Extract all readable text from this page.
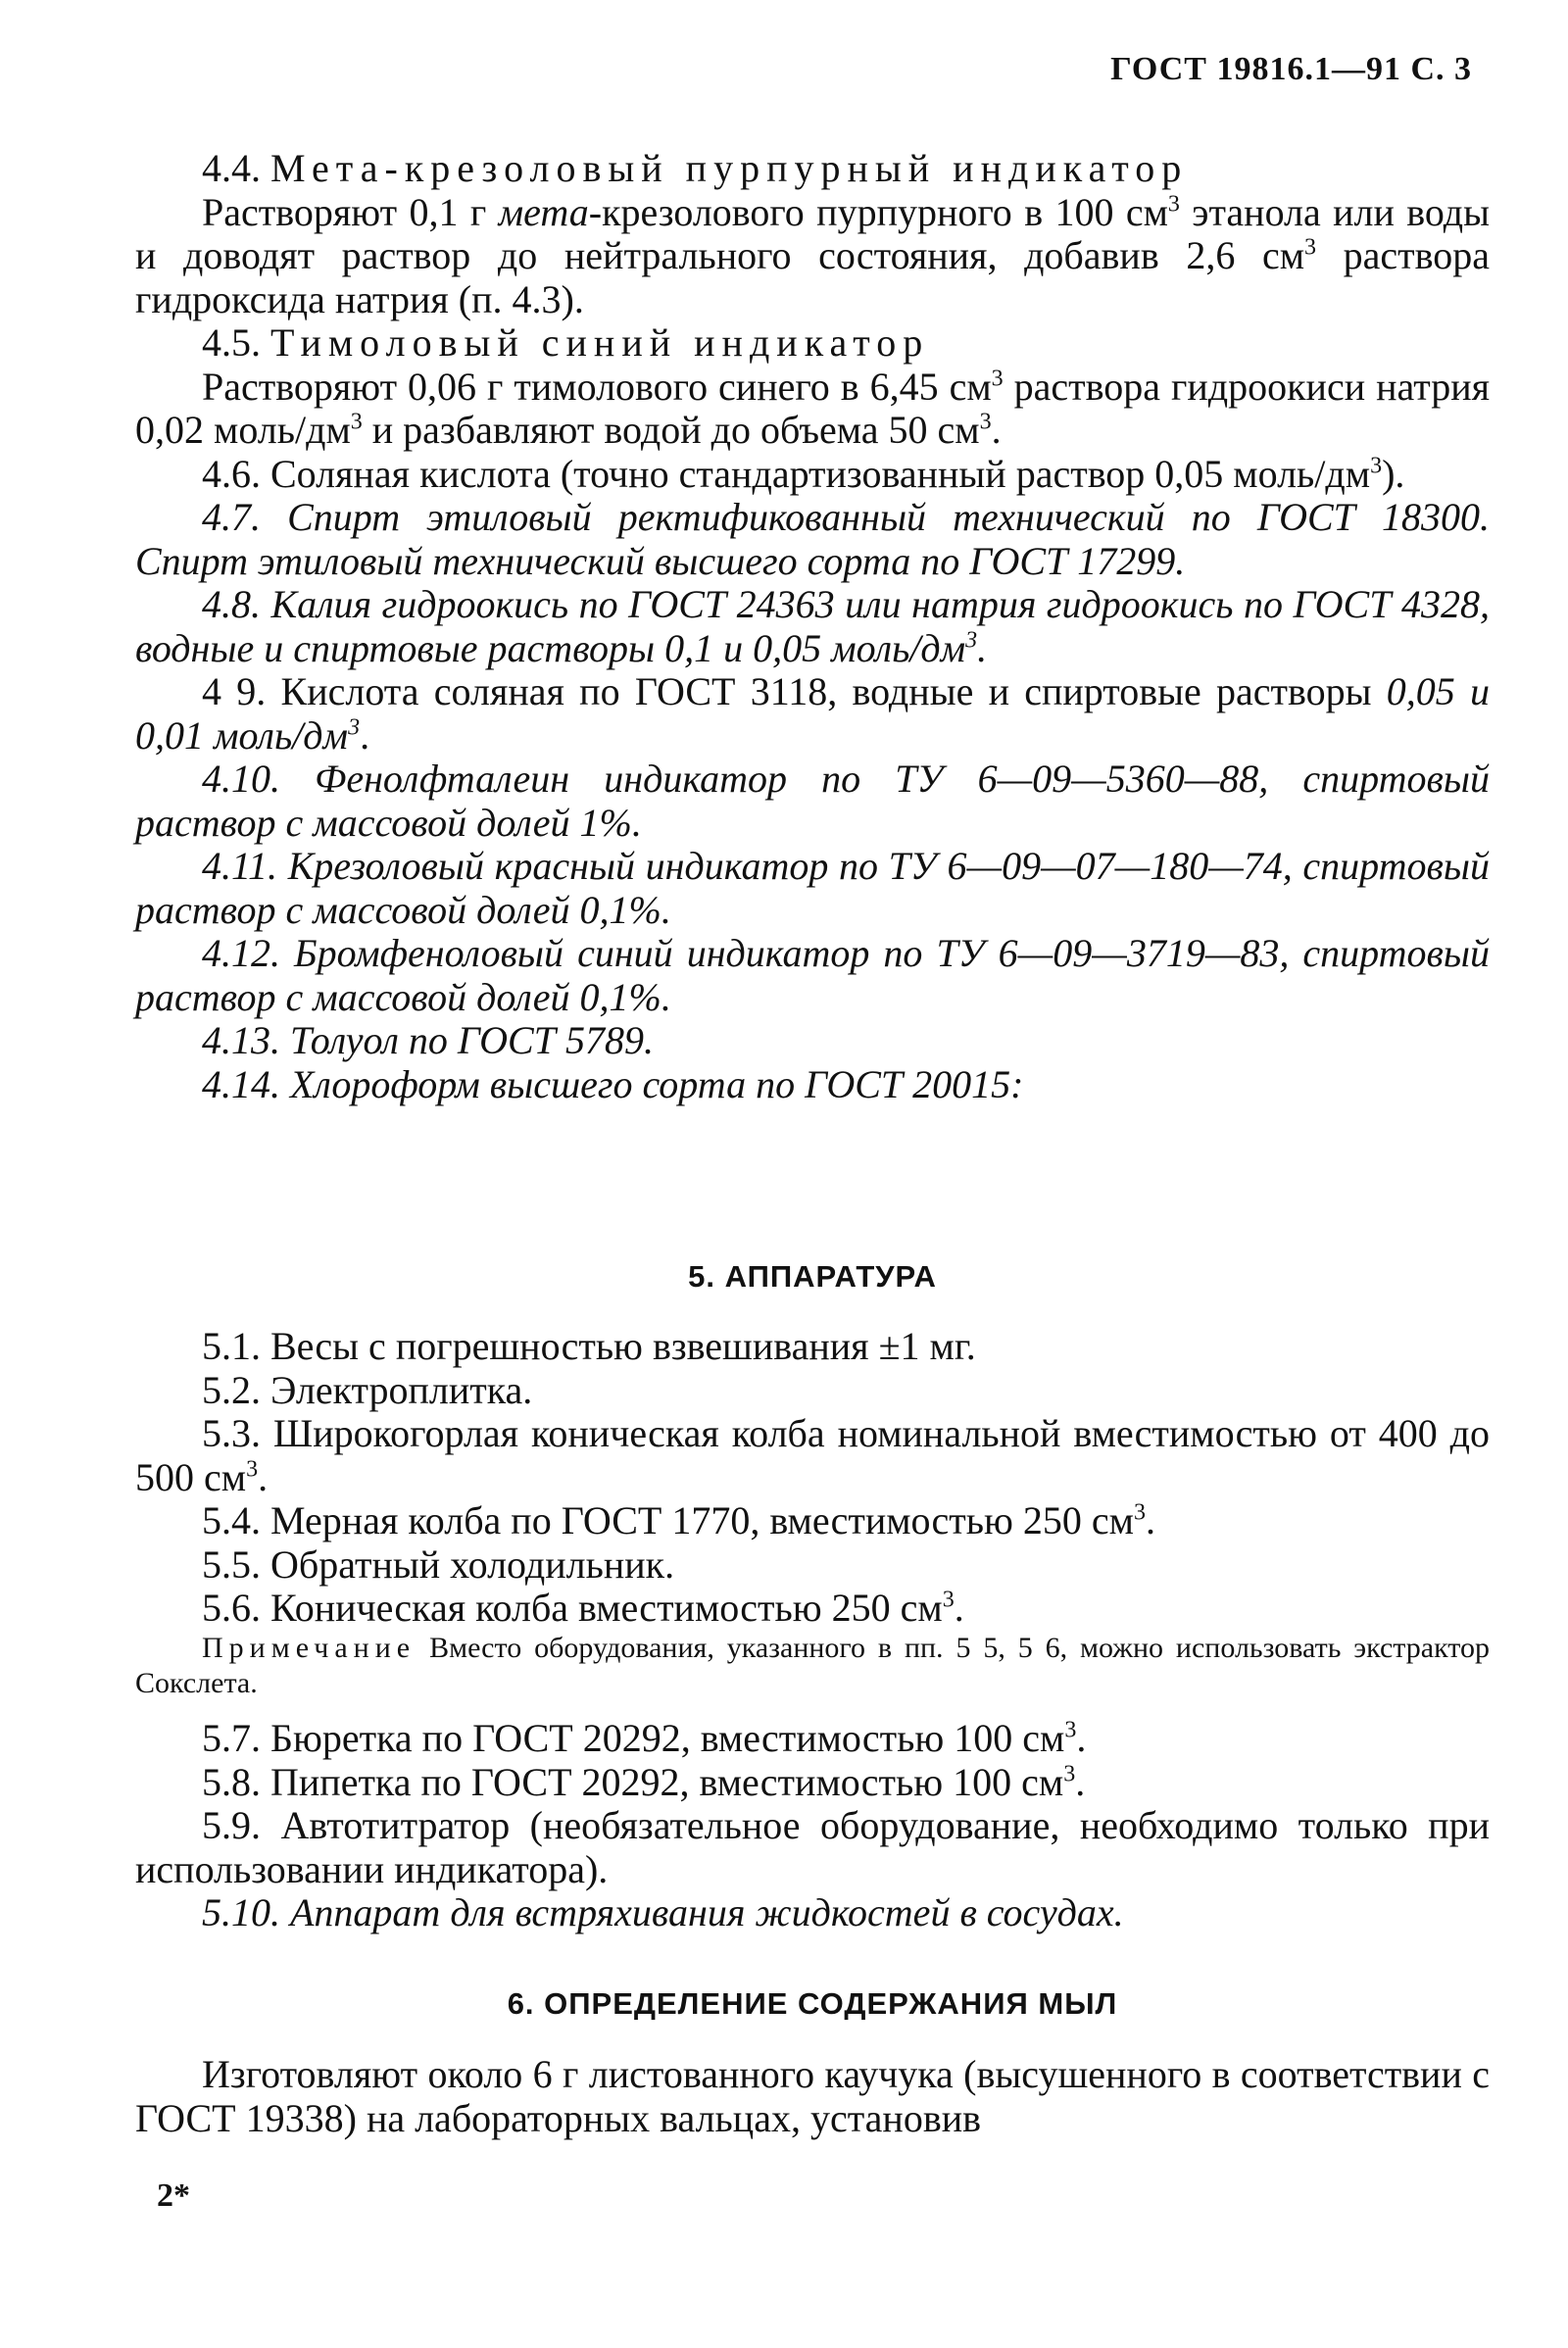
ГОСТ 19816.1—91 С. 3

4.4. Мета-крезоловый пурпурный индикатор

Растворяют 0,1 г мета-крезолового пурпурного в 100 $см^3$ этанола или воды и доводят раствор до нейтрального состояния, добавив 2,6 $см^3$ раствора гидроксида натрия (п. 4.3).

4.5. Тимоловый синий индикатор

Растворяют 0,06 г тимолового синего в 6,45 $см^3$ раствора гидроокиси натрия 0,02 моль/$дм^3$ и разбавляют водой до объема 50 $см^3$.

4.6. Соляная кислота (точно стандартизованный раствор 0,05 моль/$дм^3$).

4.7. Спирт этиловый ректификованный технический по ГОСТ 18300. Спирт этиловый технический высшего сорта по ГОСТ 17299.

4.8. Калия гидроокись по ГОСТ 24363 или натрия гидроокись по ГОСТ 4328, водные и спиртовые растворы 0,1 и 0,05 моль/$дм^3$.

4 9. Кислота соляная по ГОСТ 3118, водные и спиртовые растворы 0,05 и 0,01 моль/$дм^3$.

4.10. Фенолфталеин индикатор по ТУ 6—09—5360—88, спиртовый раствор с массовой долей 1%.

4.11. Крезоловый красный индикатор по ТУ 6—09—07—180—74, спиртовый раствор с массовой долей 0,1%.

4.12. Бромфеноловый синий индикатор по ТУ 6—09—3719—83, спиртовый раствор с массовой долей 0,1%.

4.13. Толуол по ГОСТ 5789.

4.14. Хлороформ высшего сорта по ГОСТ 20015:

5. АППАРАТУРА

5.1. Весы с погрешностью взвешивания ±1 мг.

5.2. Электроплитка.

5.3. Широкогорлая коническая колба номинальной вместимостью от 400 до 500 $см^3$.

5.4. Мерная колба по ГОСТ 1770, вместимостью 250 $см^3$.

5.5. Обратный холодильник.

5.6. Коническая колба вместимостью 250 $см^3$.

Примечание Вместо оборудования, указанного в пп. 5 5, 5 6, можно использовать экстрактор Сокслета.

5.7. Бюретка по ГОСТ 20292, вместимостью 100 $см^3$.

5.8. Пипетка по ГОСТ 20292, вместимостью 100 $см^3$.

5.9. Автотитратор (необязательное оборудование, необходимо только при использовании индикатора).

5.10. Аппарат для встряхивания жидкостей в сосудах.

6. ОПРЕДЕЛЕНИЕ СОДЕРЖАНИЯ МЫЛ

Изготовляют около 6 г листованного каучука (высушенного в соответствии с ГОСТ 19338) на лабораторных вальцах, установив

2*
